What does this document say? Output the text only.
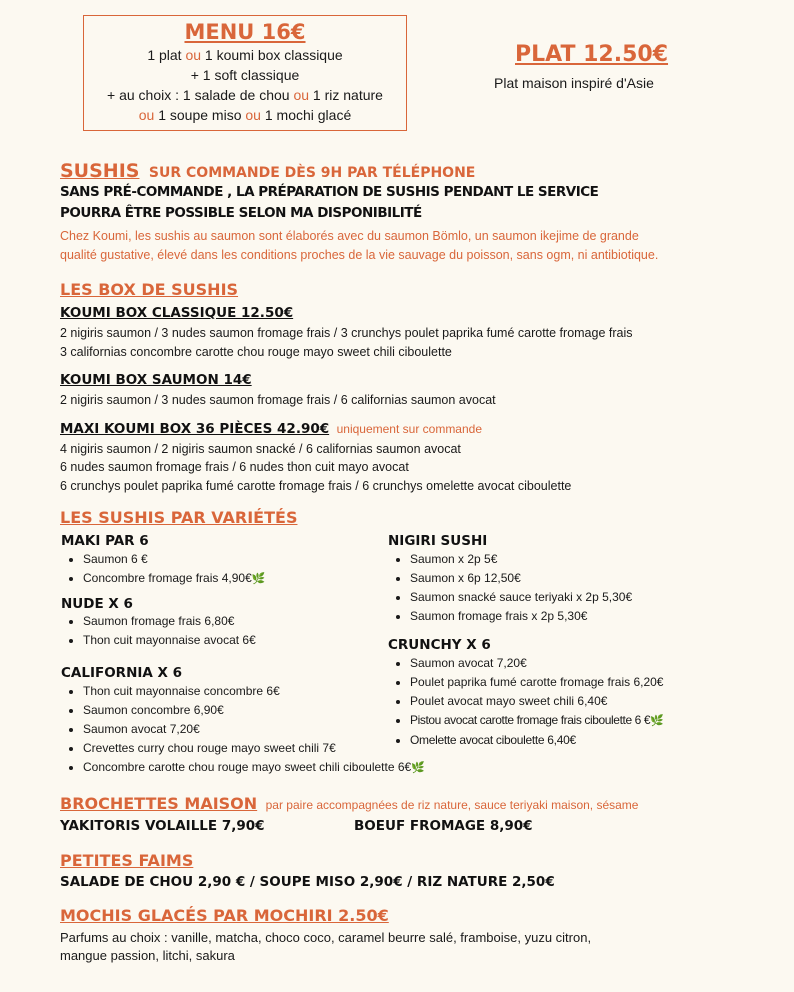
MENU 16€
1 plat ou 1 koumi box classique
+ 1 soft classique
+ au choix : 1 salade de chou ou 1 riz nature
ou 1 soupe miso ou 1 mochi glacé
PLAT 12.50€
Plat maison inspiré d'Asie
SUSHIS SUR COMMANDE DÈS 9H PAR TÉLÉPHONE
SANS PRÉ-COMMANDE , LA PRÉPARATION DE SUSHIS PENDANT LE SERVICE
POURRA ÊTRE POSSIBLE SELON MA DISPONIBILITÉ
Chez Koumi, les sushis au saumon sont élaborés avec du saumon Bömlo, un saumon ikejime de grande
qualité gustative, élevé dans les conditions proches de la vie sauvage du poisson, sans ogm, ni antibiotique.
LES BOX DE SUSHIS
KOUMI BOX CLASSIQUE 12.50€
2 nigiris saumon / 3 nudes saumon fromage frais / 3 crunchys poulet paprika fumé carotte fromage frais
3 californias concombre carotte chou rouge mayo sweet chili ciboulette
KOUMI BOX SAUMON 14€
2 nigiris saumon / 3 nudes saumon fromage frais / 6 californias saumon avocat
MAXI KOUMI BOX 36 PIÈCES 42.90€ uniquement sur commande
4 nigiris saumon / 2 nigiris saumon snacké / 6 californias saumon avocat
6 nudes saumon fromage frais / 6 nudes thon cuit mayo avocat
6 crunchys poulet paprika fumé carotte fromage frais / 6 crunchys omelette avocat ciboulette
LES SUSHIS PAR VARIÉTÉS
MAKI PAR 6
• Saumon 6 €
• Concombre fromage frais 4,90€🌿
NUDE X 6
• Saumon fromage frais 6,80€
• Thon cuit mayonnaise avocat 6€
CALIFORNIA X 6
• Thon cuit mayonnaise concombre 6€
• Saumon concombre 6,90€
• Saumon avocat 7,20€
• Crevettes curry chou rouge mayo sweet chili 7€
• Concombre carotte chou rouge mayo sweet chili ciboulette 6€🌿
NIGIRI SUSHI
• Saumon x 2p 5€
• Saumon x 6p 12,50€
• Saumon snacké sauce teriyaki x 2p 5,30€
• Saumon fromage frais x 2p 5,30€
CRUNCHY X 6
• Saumon avocat 7,20€
• Poulet paprika fumé carotte fromage frais 6,20€
• Poulet avocat mayo sweet chili 6,40€
• Pistou avocat carotte fromage frais ciboulette 6 €🌿
• Omelette avocat ciboulette 6,40€
BROCHETTES MAISON par paire accompagnées de riz nature, sauce teriyaki maison, sésame
YAKITORIS VOLAILLE 7,90€	BOEUF FROMAGE 8,90€
PETITES FAIMS
SALADE DE CHOU 2,90 € / SOUPE MISO 2,90€ / RIZ NATURE 2,50€
MOCHIS GLACÉS PAR MOCHIRI 2.50€
Parfums au choix : vanille, matcha, choco coco, caramel beurre salé, framboise, yuzu citron,
mangue passion, litchi, sakura
